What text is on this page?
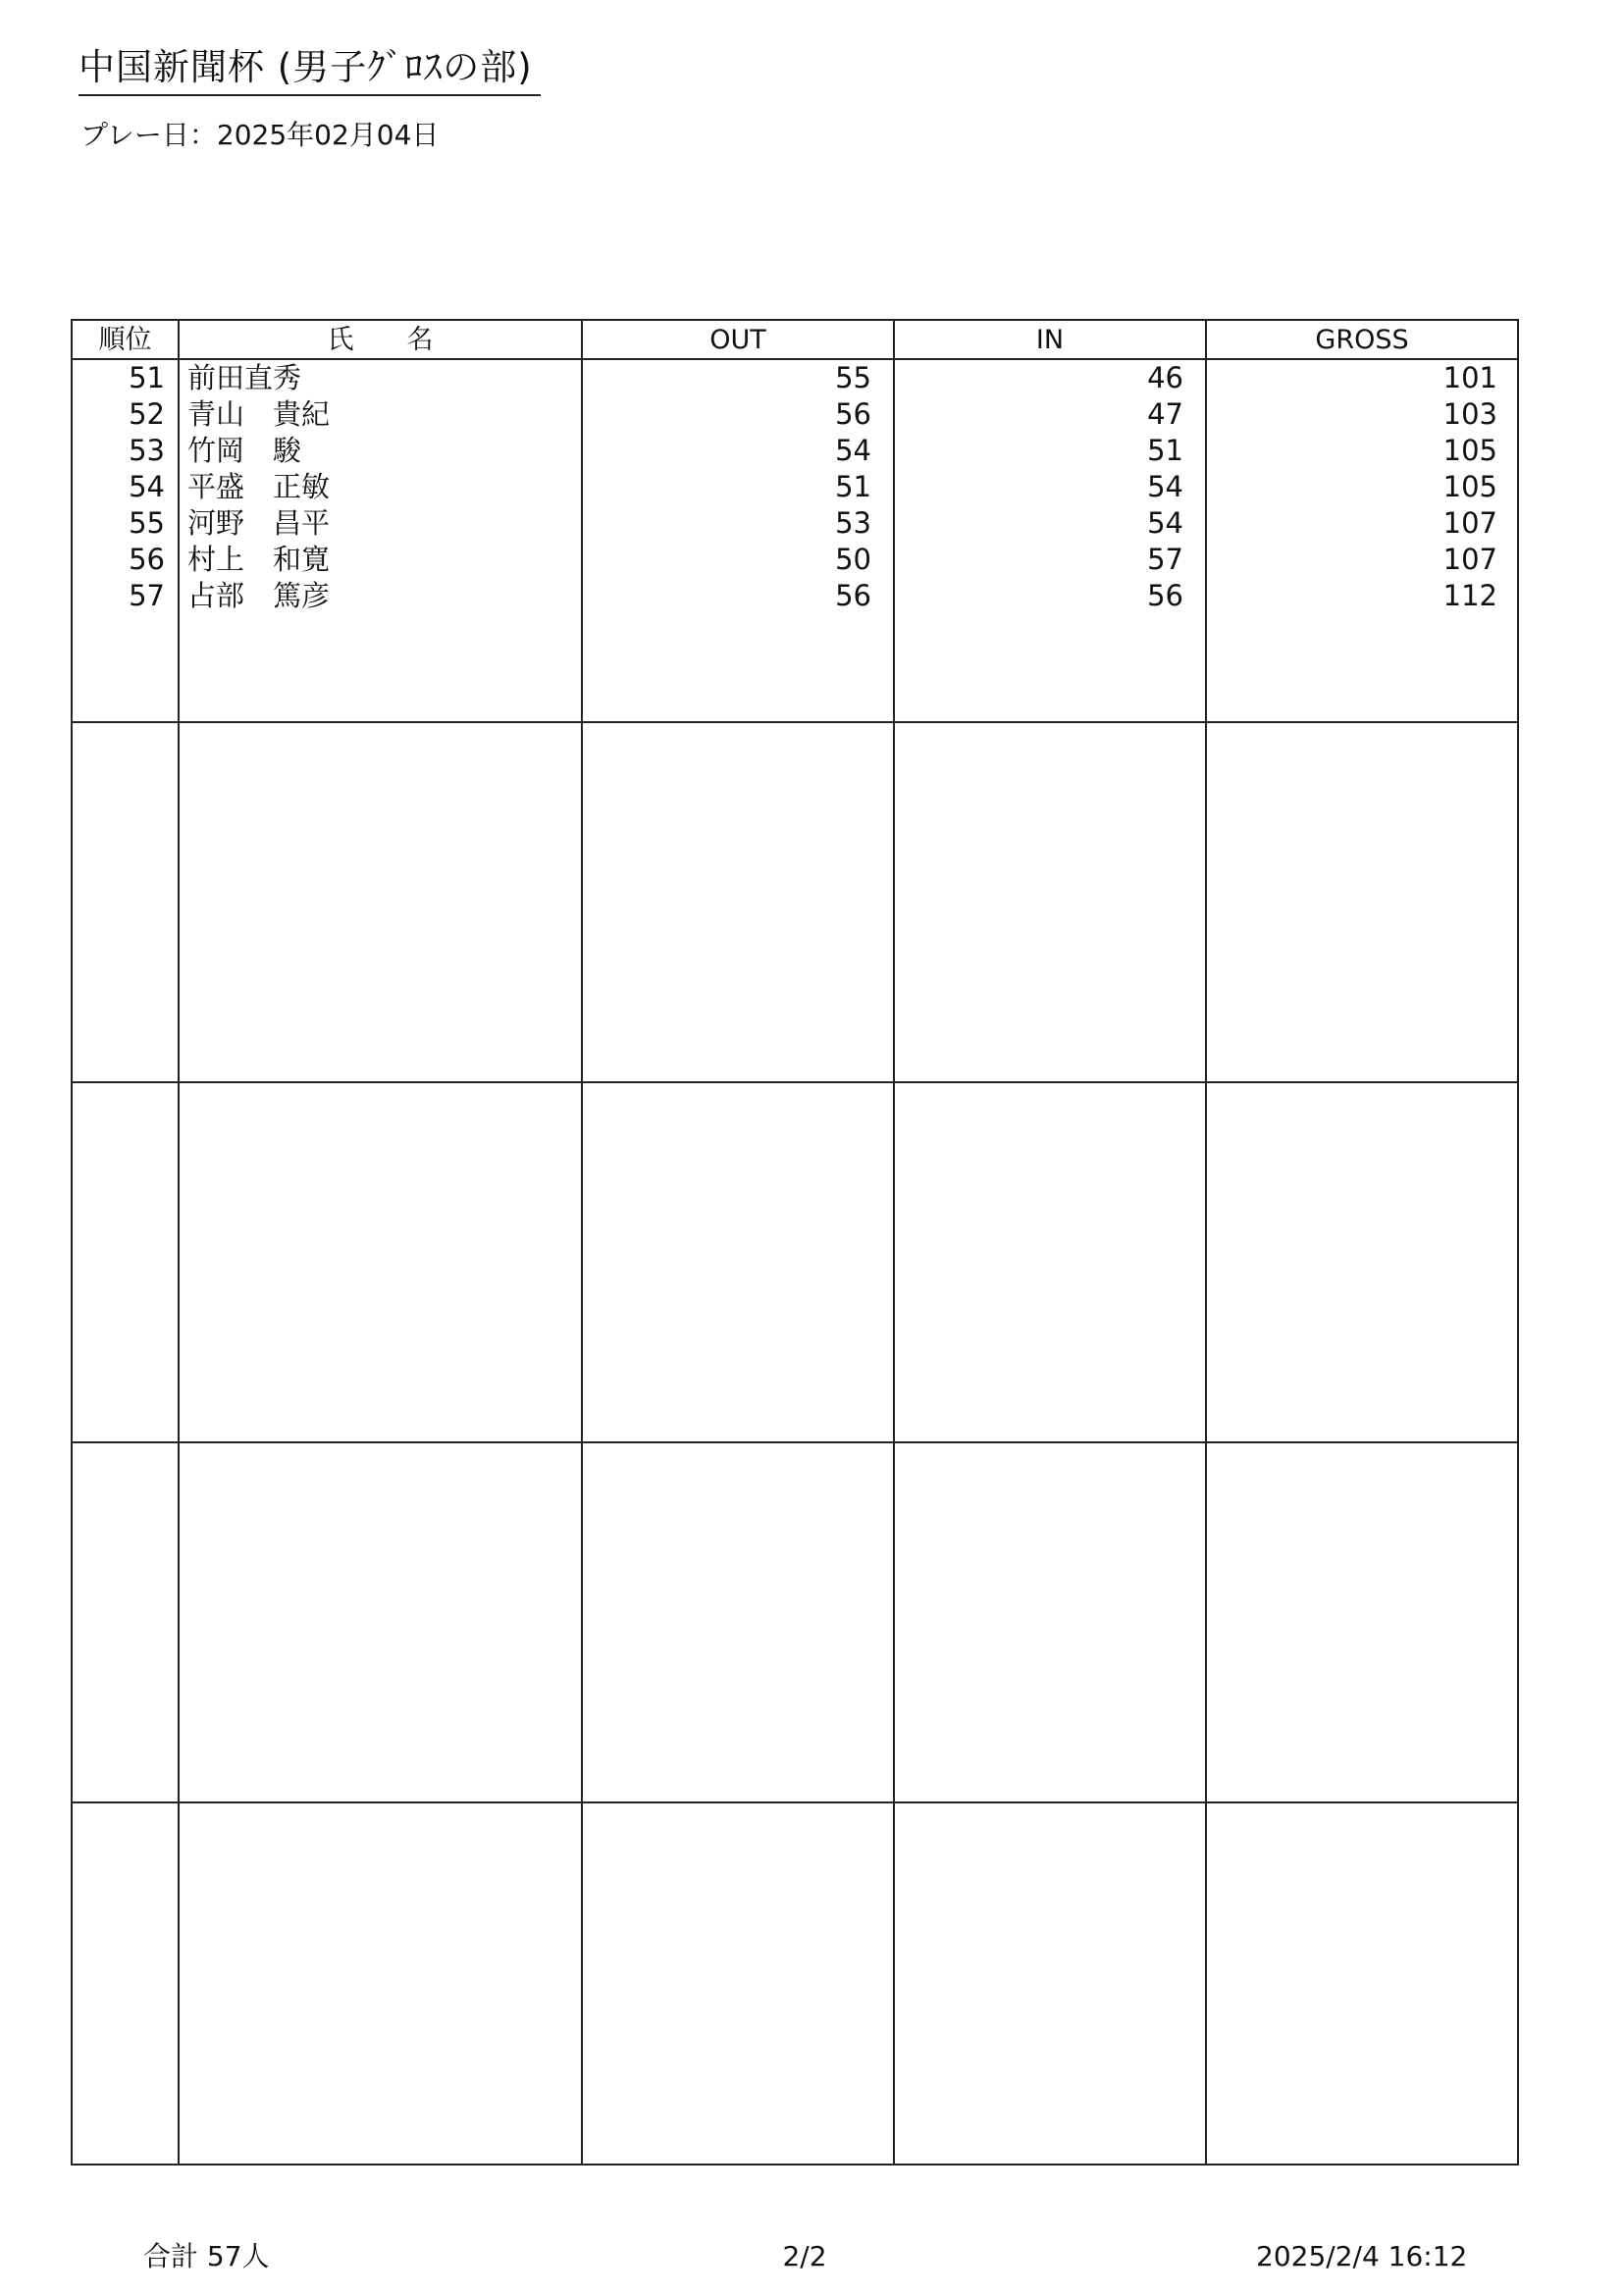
中国新聞杯 (男子ｸﾞﾛｽの部)
プレー日：2025年02月04日
順位	氏　　名	OUT	IN	GROSS
51 前田直秀	55	46	101
52 青山　貴紀	56	47	103
53 竹岡　駿	54	51	105
54 平盛　正敏	51	54	105
55 河野　昌平	53	54	107
56 村上　和寛	50	57	107
57 占部　篤彦	56	56	112
合計 57人	2/2	2025/2/4 16:12
